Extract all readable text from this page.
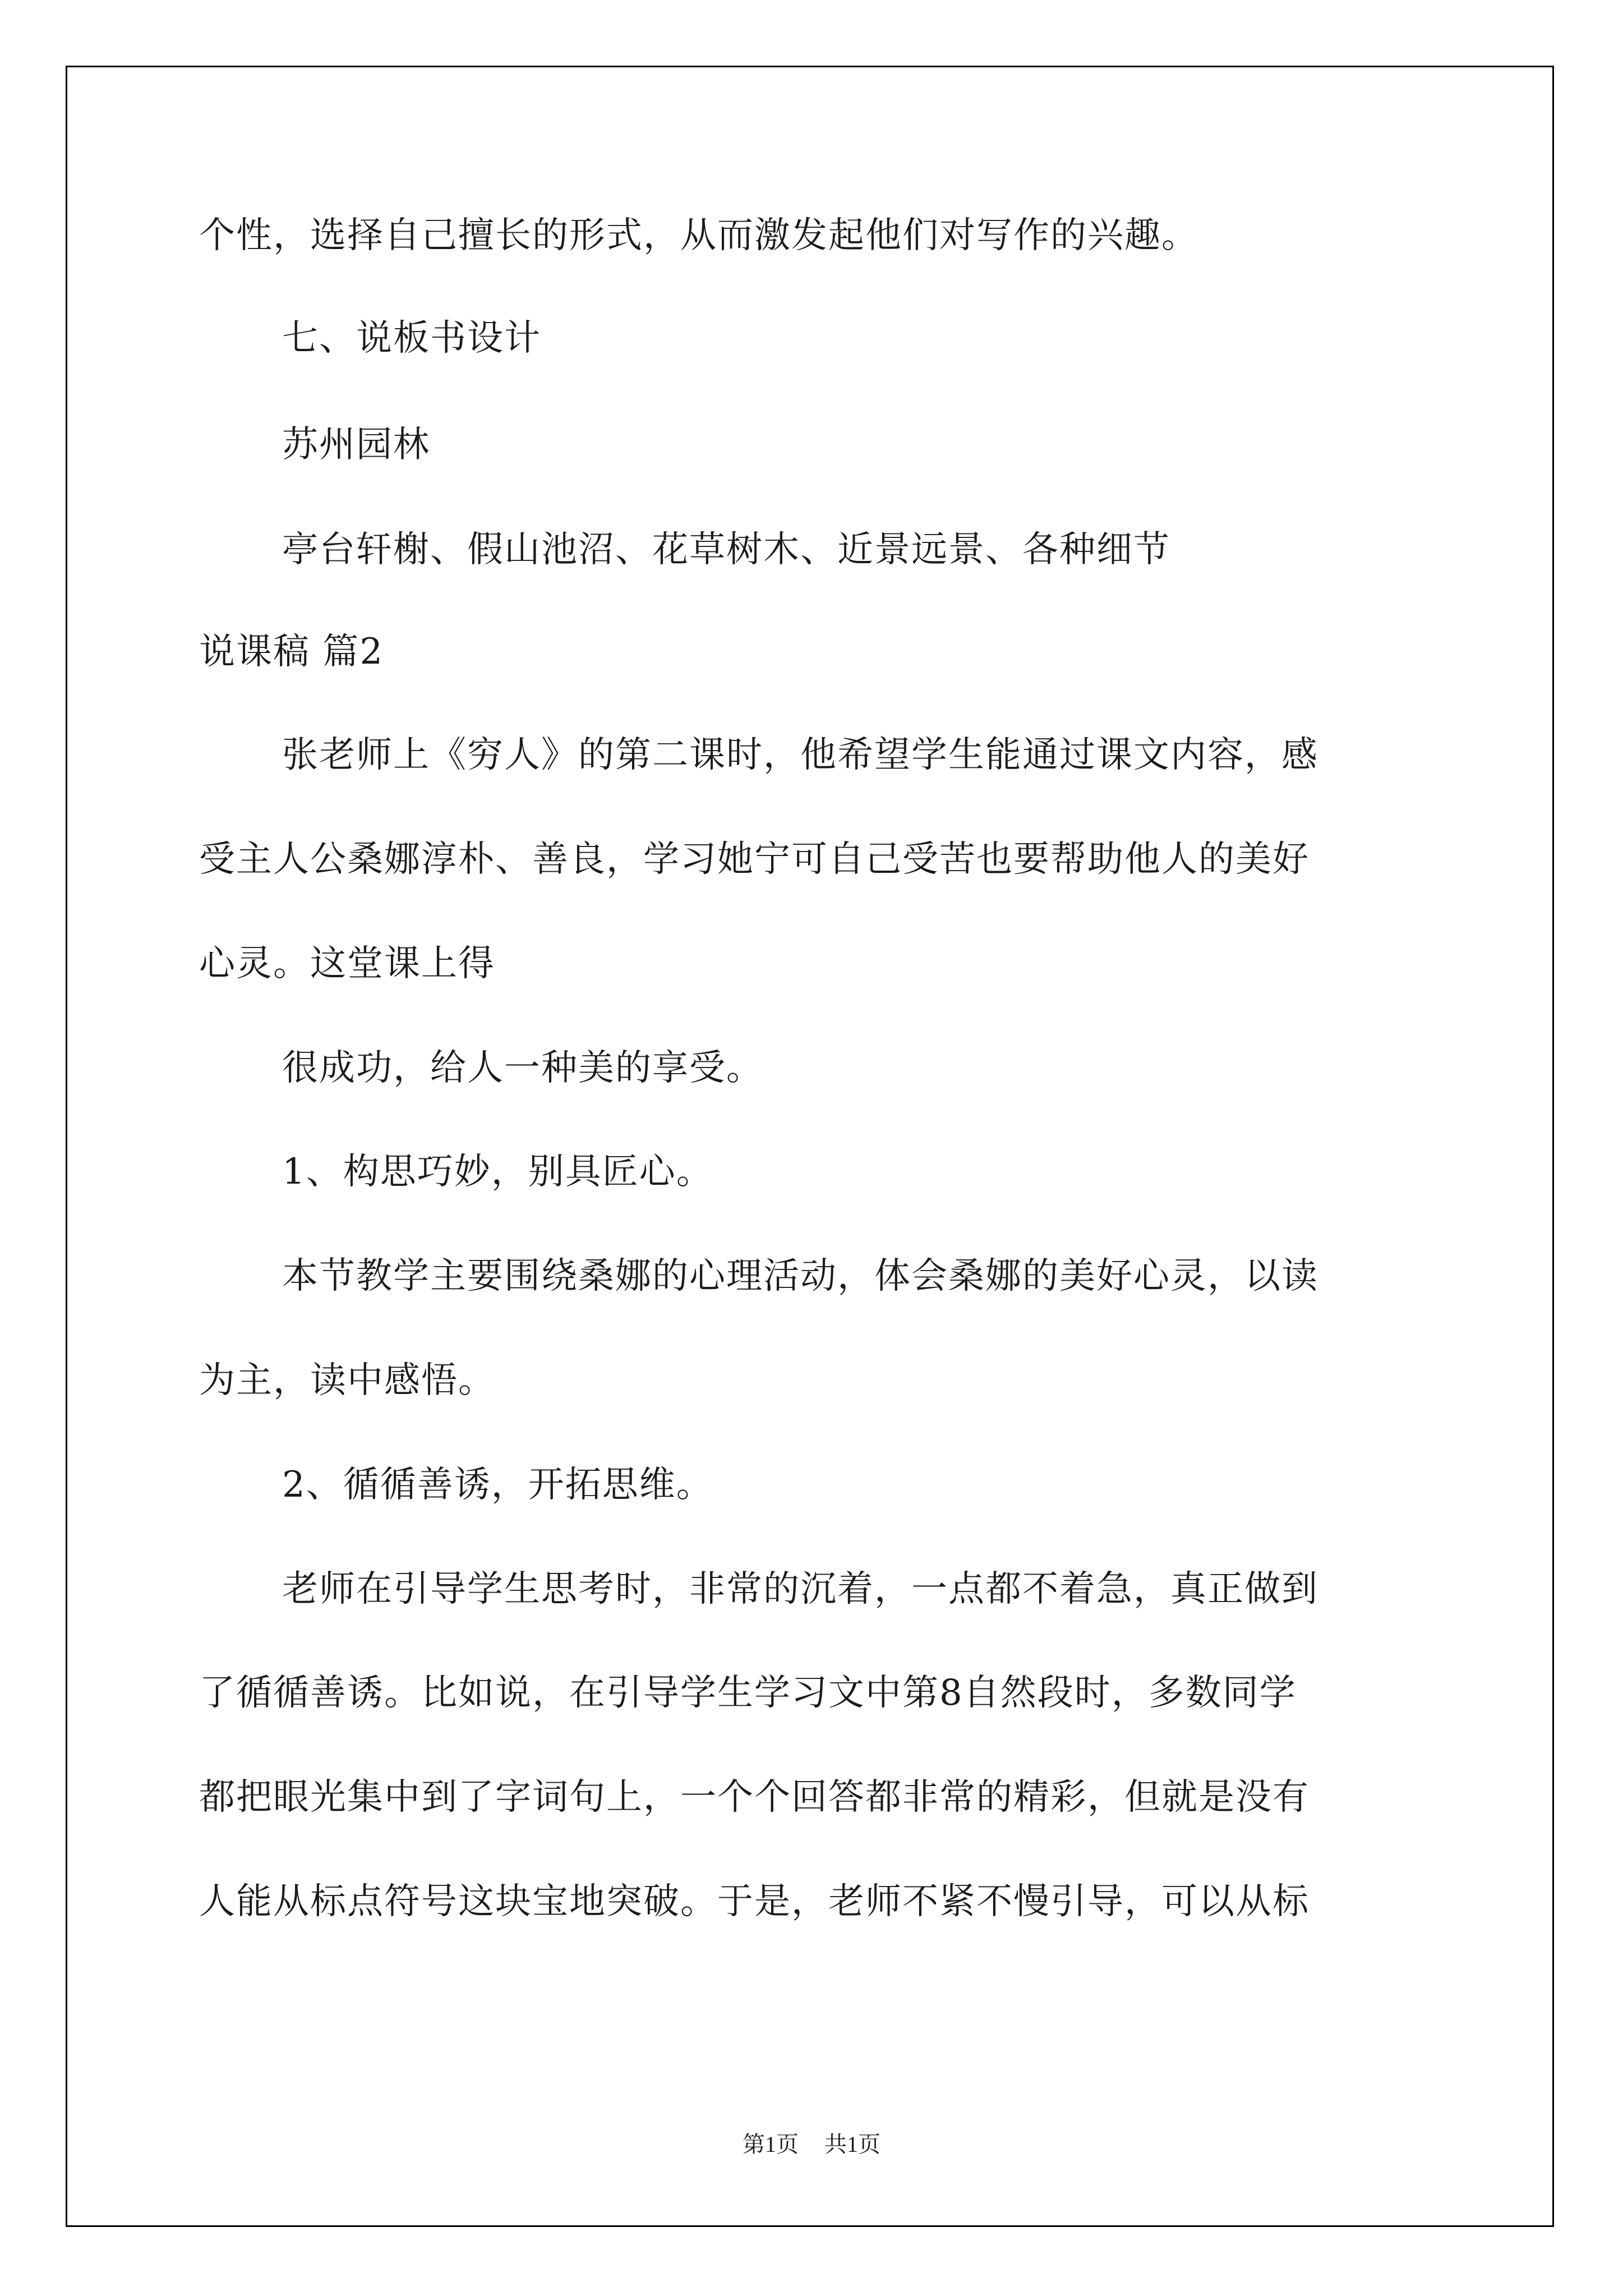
个性，选择自己擅长的形式，从而激发起他们对写作的兴趣。
七、说板书设计
苏州园林
亭台轩榭、假山池沼、花草树木、近景远景、各种细节
说课稿 篇2
张老师上《穷人》的第二课时，他希望学生能通过课文内容，感
受主人公桑娜淳朴、善良，学习她宁可自己受苦也要帮助他人的美好
心灵。这堂课上得
很成功，给人一种美的享受。
1、构思巧妙，别具匠心。
本节教学主要围绕桑娜的心理活动，体会桑娜的美好心灵，以读
为主，读中感悟。
2、循循善诱，开拓思维。
老师在引导学生思考时，非常的沉着，一点都不着急，真正做到
了循循善诱。比如说，在引导学生学习文中第8自然段时，多数同学
都把眼光集中到了字词句上，一个个回答都非常的精彩，但就是没有
人能从标点符号这块宝地突破。于是，老师不紧不慢引导，可以从标
第1页 共1页
